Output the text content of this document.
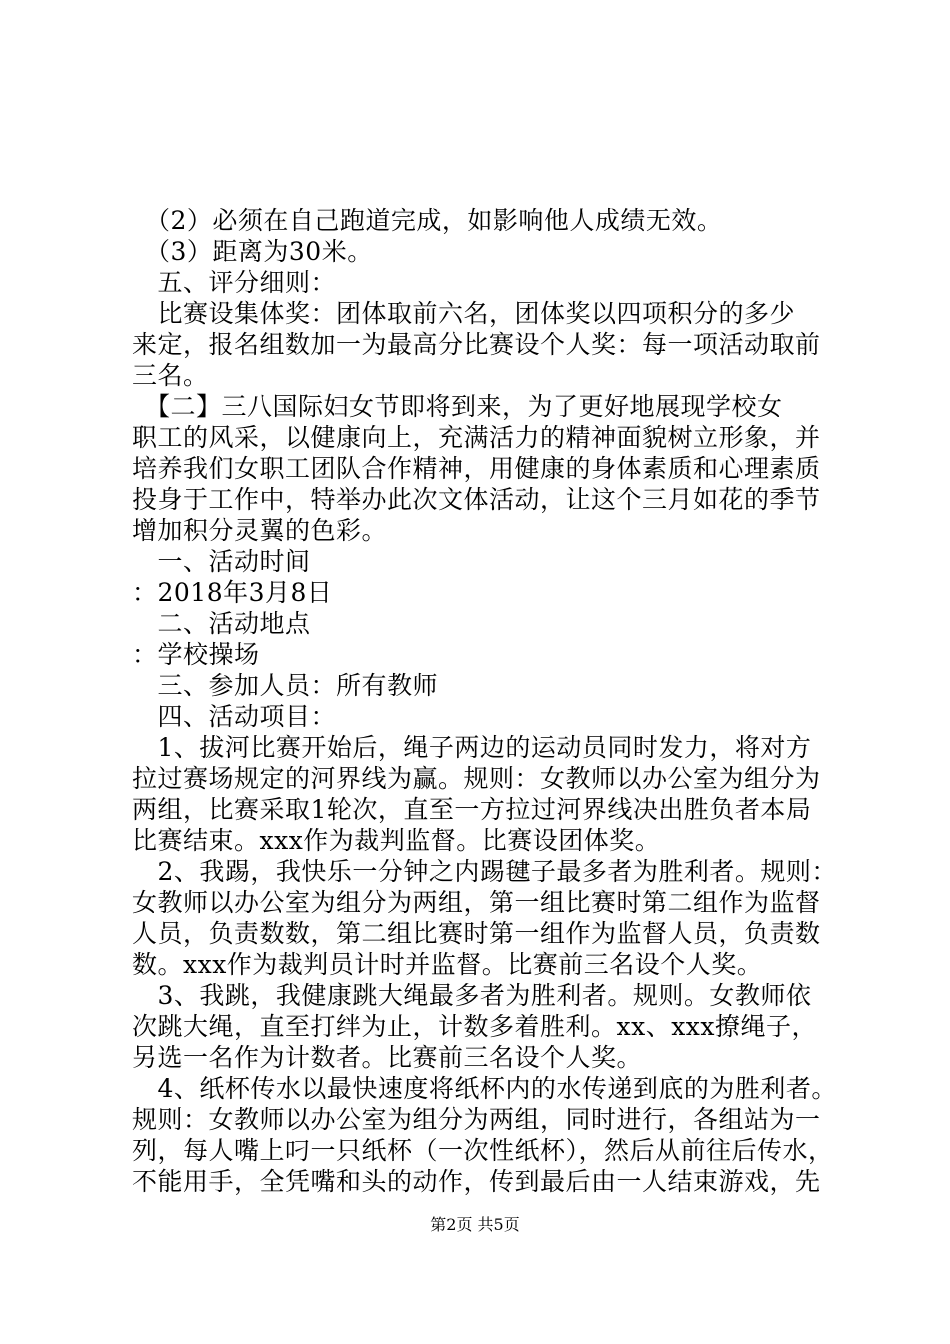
　（2）必须在自己跑道完成，如影响他人成绩无效。
　（3）距离为30米。
　五、评分细则：
　比赛设集体奖：团体取前六名，团体奖以四项积分的多少
来定，报名组数加一为最高分比赛设个人奖：每一项活动取前
三名。
　【二】三八国际妇女节即将到来，为了更好地展现学校女
职工的风采，以健康向上，充满活力的精神面貌树立形象，并
培养我们女职工团队合作精神，用健康的身体素质和心理素质
投身于工作中，特举办此次文体活动，让这个三月如花的季节
增加积分灵翼的色彩。
　一、活动时间
：2018年3月8日
　二、活动地点
：学校操场
　三、参加人员：所有教师
　四、活动项目：
　1、拔河比赛开始后，绳子两边的运动员同时发力，将对方
拉过赛场规定的河界线为赢。规则：女教师以办公室为组分为
两组，比赛采取1轮次，直至一方拉过河界线决出胜负者本局
比赛结束。xxx作为裁判监督。比赛设团体奖。
　2、我踢，我快乐一分钟之内踢毽子最多者为胜利者。规则：
女教师以办公室为组分为两组，第一组比赛时第二组作为监督
人员，负责数数，第二组比赛时第一组作为监督人员，负责数
数。xxx作为裁判员计时并监督。比赛前三名设个人奖。
　3、我跳，我健康跳大绳最多者为胜利者。规则。女教师依
次跳大绳，直至打绊为止，计数多着胜利。xx、xxx撩绳子，
另选一名作为计数者。比赛前三名设个人奖。
　4、纸杯传水以最快速度将纸杯内的水传递到底的为胜利者。
规则：女教师以办公室为组分为两组，同时进行，各组站为一
列，每人嘴上叼一只纸杯（一次性纸杯），然后从前往后传水，
不能用手，全凭嘴和头的动作，传到最后由一人结束游戏，先
第2页 共5页
